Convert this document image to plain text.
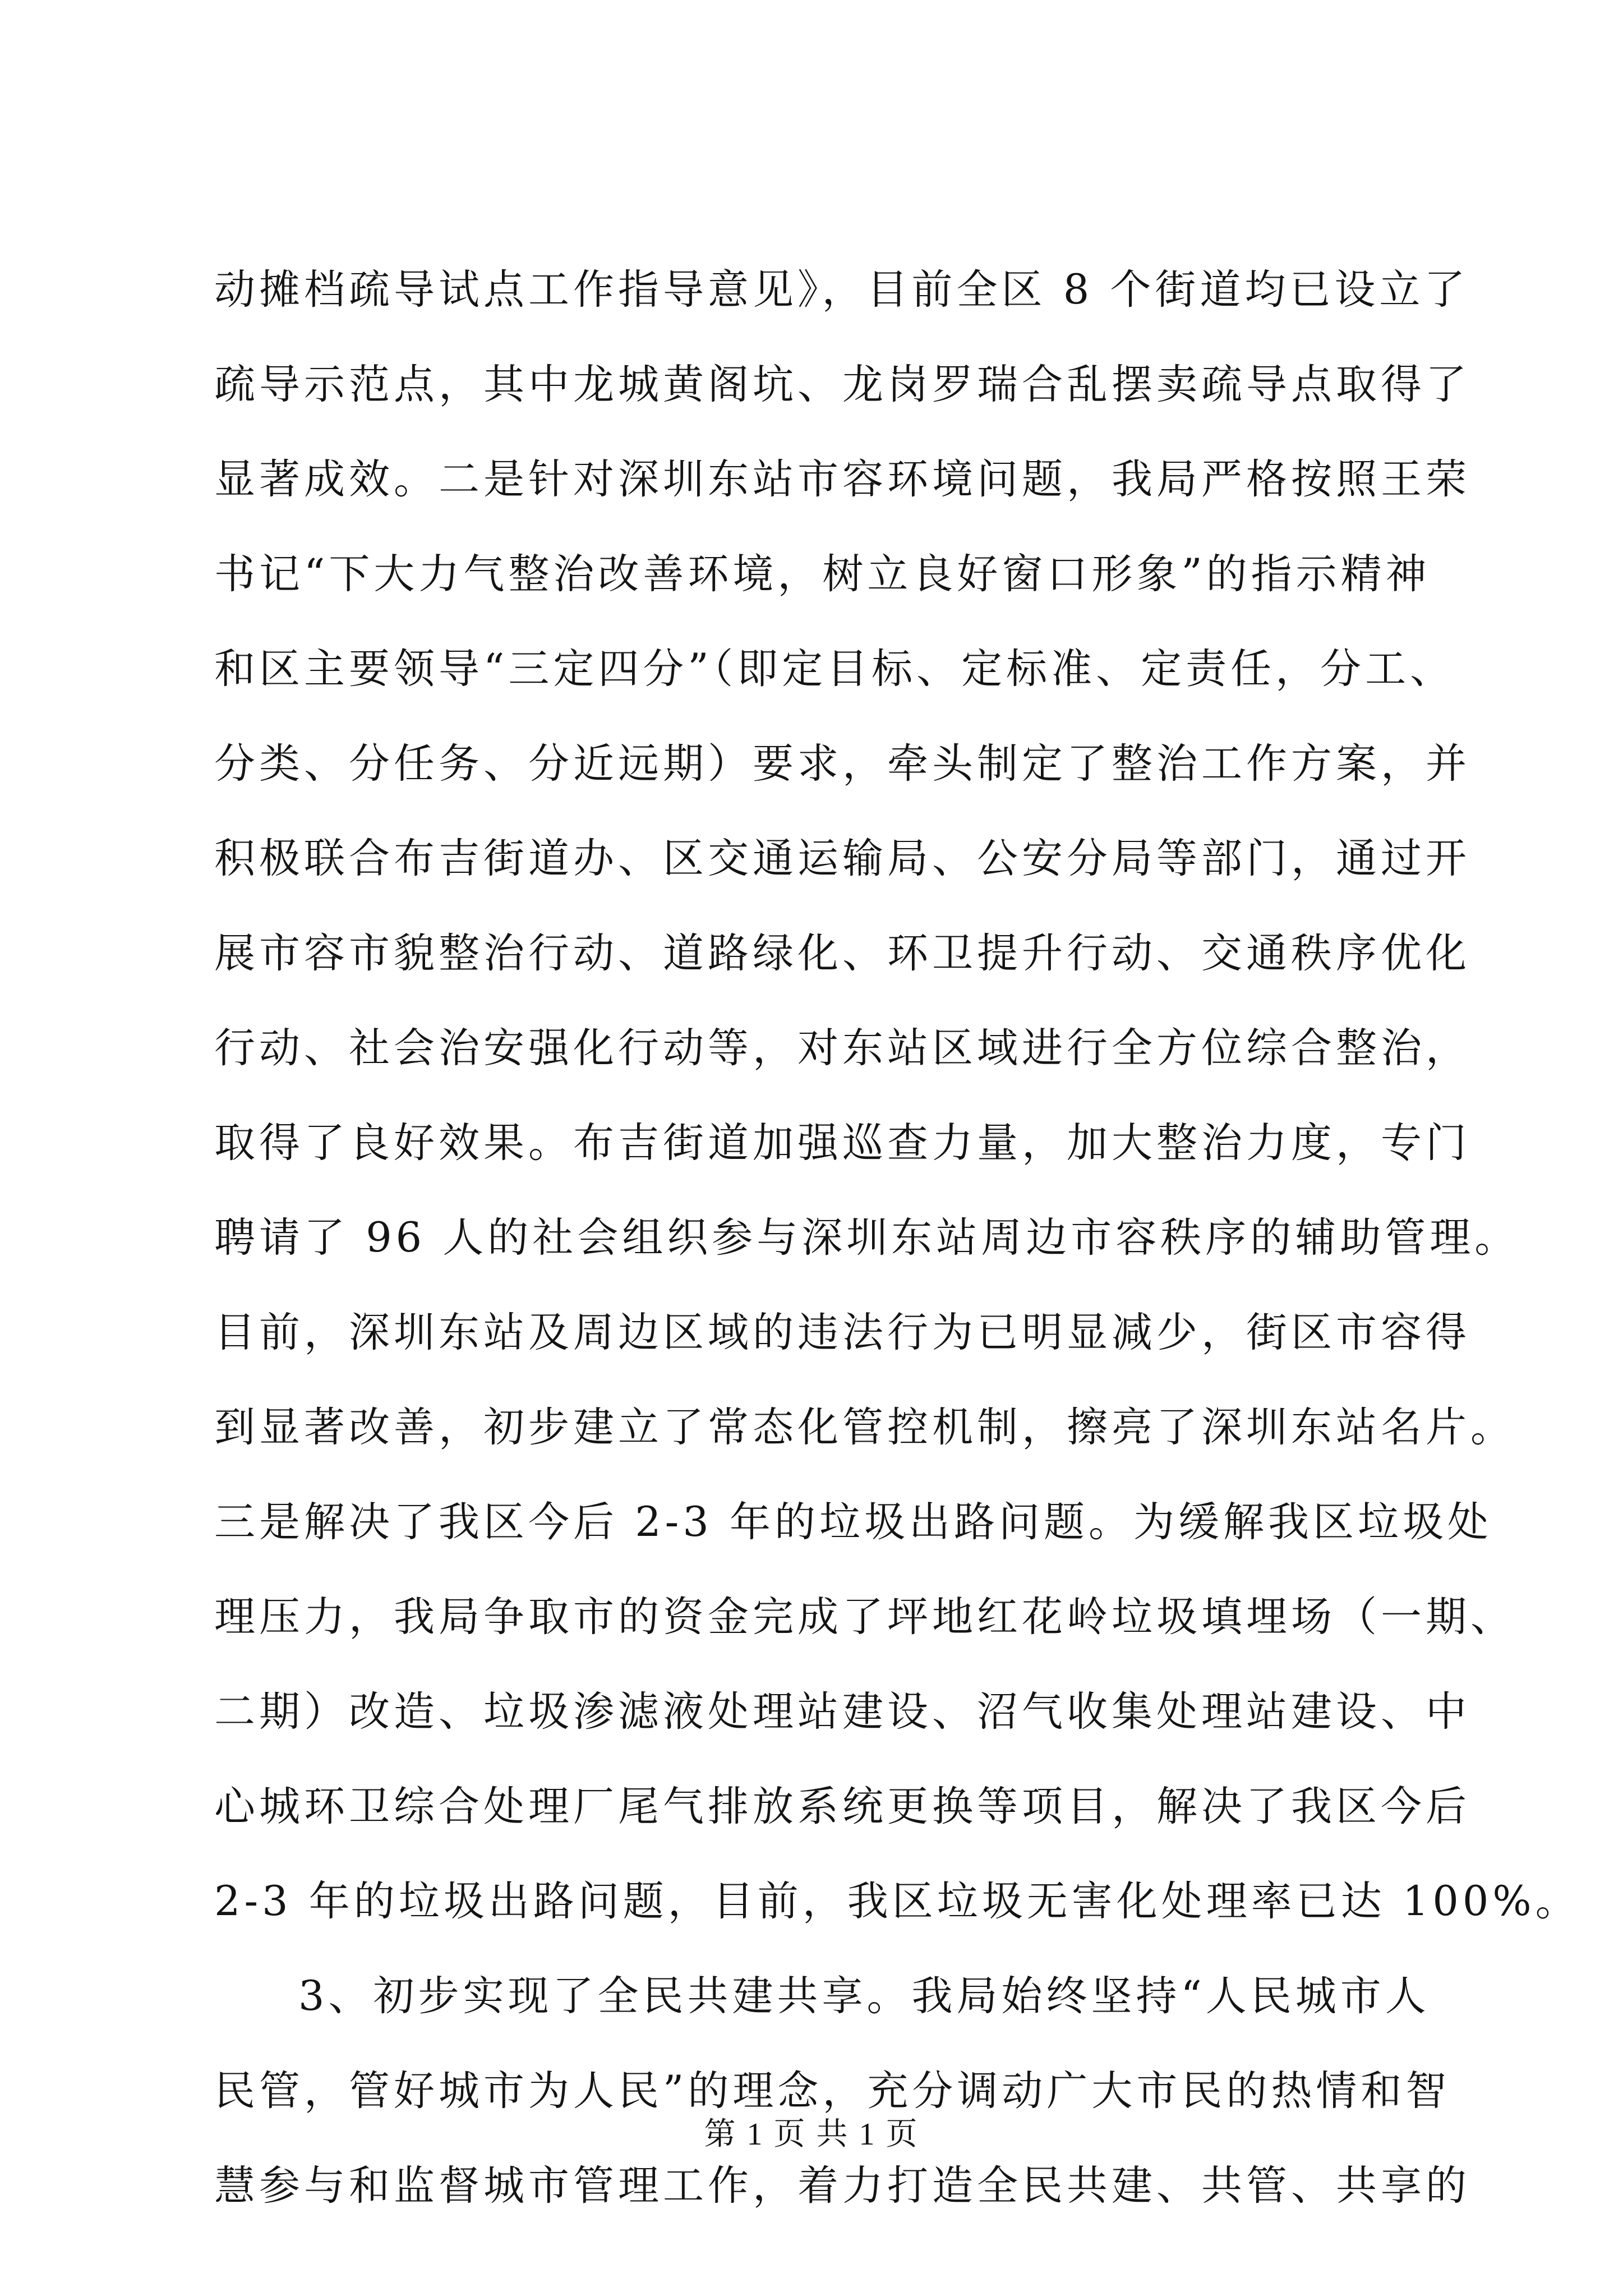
动摊档疏导试点工作指导意见》，目前全区 8 个街道均已设立了
疏导示范点，其中龙城黄阁坑、龙岗罗瑞合乱摆卖疏导点取得了
显著成效。二是针对深圳东站市容环境问题，我局严格按照王荣
书记“下大力气整治改善环境，树立良好窗口形象”的指示精神
和区主要领导“三定四分”（即定目标、定标准、定责任，分工、
分类、分任务、分近远期）要求，牵头制定了整治工作方案，并
积极联合布吉街道办、区交通运输局、公安分局等部门，通过开
展市容市貌整治行动、道路绿化、环卫提升行动、交通秩序优化
行动、社会治安强化行动等，对东站区域进行全方位综合整治，
取得了良好效果。布吉街道加强巡查力量，加大整治力度，专门
聘请了 96 人的社会组织参与深圳东站周边市容秩序的辅助管理。
目前，深圳东站及周边区域的违法行为已明显减少，街区市容得
到显著改善，初步建立了常态化管控机制，擦亮了深圳东站名片。
三是解决了我区今后 2-3 年的垃圾出路问题。为缓解我区垃圾处
理压力，我局争取市的资金完成了坪地红花岭垃圾填埋场（一期、
二期）改造、垃圾渗滤液处理站建设、沼气收集处理站建设、中
心城环卫综合处理厂尾气排放系统更换等项目，解决了我区今后
2-3 年的垃圾出路问题，目前，我区垃圾无害化处理率已达 100%。
3、初步实现了全民共建共享。我局始终坚持“人民城市人
民管，管好城市为人民”的理念，充分调动广大市民的热情和智
慧参与和监督城市管理工作，着力打造全民共建、共管、共享的
第 1 页 共 1 页
